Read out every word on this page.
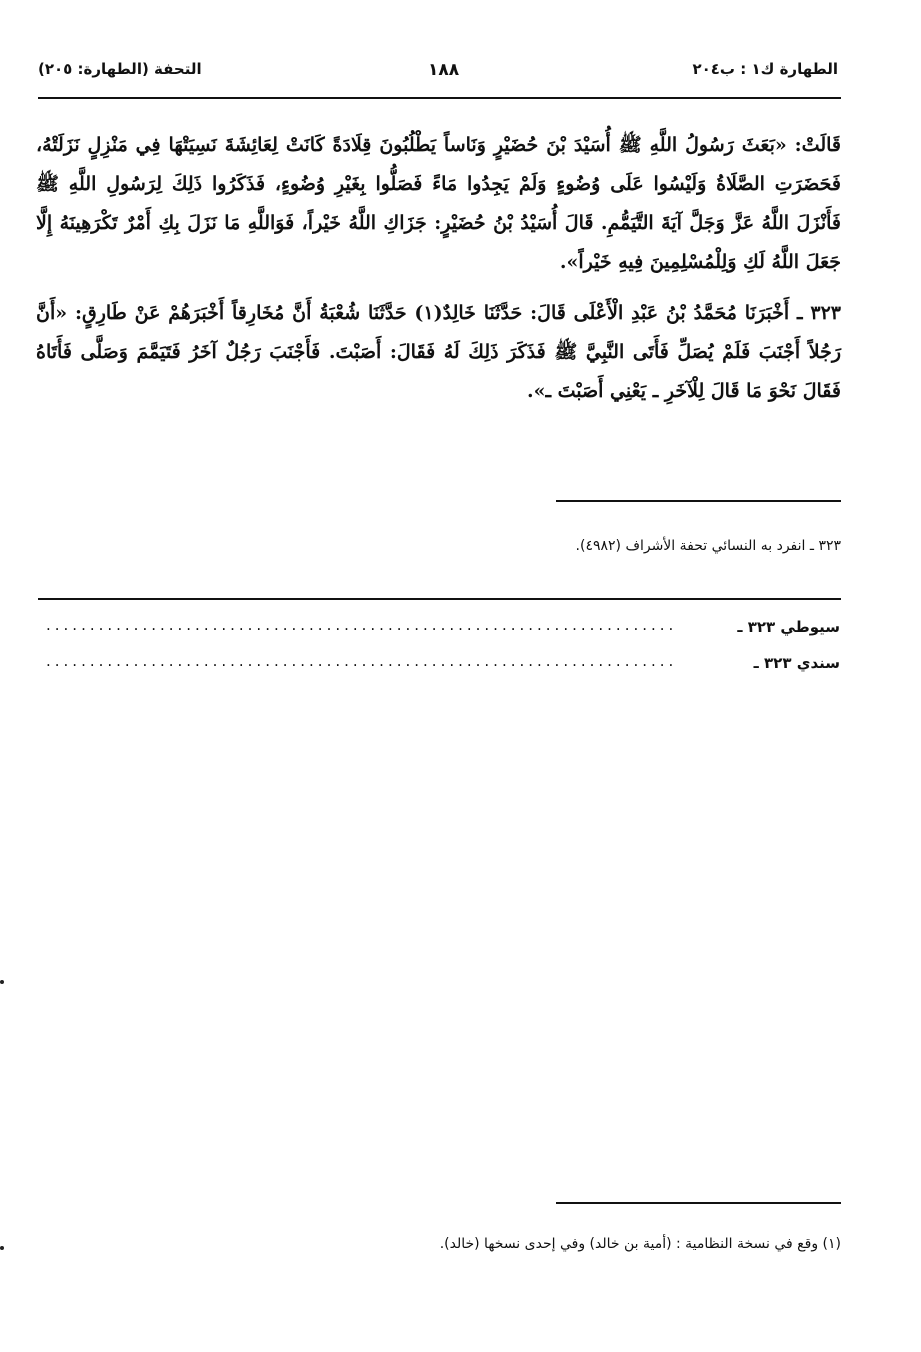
الطهارة ك١ : ب٢٠٤
١٨٨
التحفة (الطهارة: ٢٠٥)

قَالَتْ: «بَعَثَ رَسُولُ اللَّهِ ﷺ أُسَيْدَ بْنَ حُضَيْرٍ وَنَاساً يَطْلُبُونَ قِلَادَةً كَانَتْ لِعَائِشَةَ نَسِيَتْهَا فِي مَنْزِلٍ نَزَلَتْهُ، فَحَضَرَتِ الصَّلَاةُ وَلَيْسُوا عَلَى وُضُوءٍ وَلَمْ يَجِدُوا مَاءً فَصَلُّوا بِغَيْرِ وُضُوءٍ، فَذَكَرُوا ذَلِكَ لِرَسُولِ اللَّهِ ﷺ فَأَنْزَلَ اللَّهُ عَزَّ وَجَلَّ آيَةَ التَّيَمُّمِ. قَالَ أُسَيْدُ بْنُ حُضَيْرٍ: جَزَاكِ اللَّهُ خَيْراً، فَوَاللَّهِ مَا نَزَلَ بِكِ أَمْرٌ تَكْرَهِينَهُ إِلَّا جَعَلَ اللَّهُ لَكِ وَلِلْمُسْلِمِينَ فِيهِ خَيْراً».

٣٢٣ ـ أَخْبَرَنَا مُحَمَّدُ بْنُ عَبْدِ الْأَعْلَى قَالَ: حَدَّثَنَا خَالِدٌ(١) حَدَّثَنَا شُعْبَةُ أَنَّ مُخَارِقاً أَخْبَرَهُمْ عَنْ طَارِقٍ: «أَنَّ رَجُلاً أَجْنَبَ فَلَمْ يُصَلِّ فَأَتَى النَّبِيَّ ﷺ فَذَكَرَ ذَلِكَ لَهُ فَقَالَ: أَصَبْتَ. فَأَجْنَبَ رَجُلٌ آخَرُ فَتَيَمَّمَ وَصَلَّى فَأَتَاهُ فَقَالَ نَحْوَ مَا قَالَ لِلْآخَرِ ـ يَعْنِي أَصَبْتَ ـ».

٣٢٣ ـ انفرد به النسائي تحفة الأشراف (٤٩٨٢).
سيوطي ٣٢٣ ـ
........................................................................
سندي ٣٢٣ ـ
........................................................................
(١) وقع في نسخة النظامية : (أمية بن خالد) وفي إحدى نسخها (خالد).
